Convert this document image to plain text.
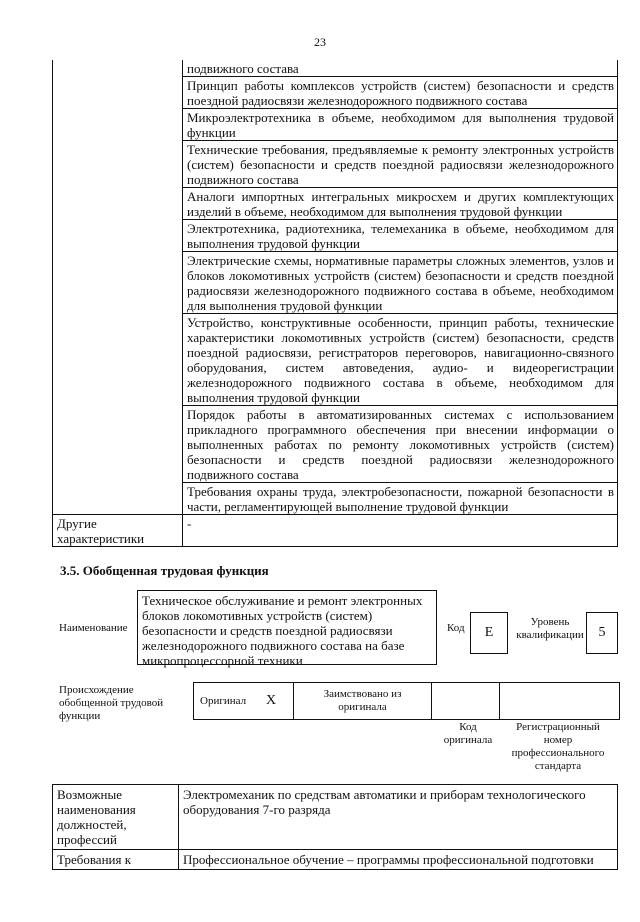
23
	подвижного состава
	Принцип работы комплексов устройств (систем) безопасности и средств поездной радиосвязи железнодорожного подвижного состава
	Микроэлектротехника в объеме, необходимом для выполнения трудовой функции
	Технические требования, предъявляемые к ремонту электронных устройств (систем) безопасности и средств поездной радиосвязи железнодорожного подвижного состава
	Аналоги импортных интегральных микросхем и других комплектующих изделий в объеме, необходимом для выполнения трудовой функции
	Электротехника, радиотехника, телемеханика в объеме, необходимом для выполнения трудовой функции
	Электрические схемы, нормативные параметры сложных элементов, узлов и блоков локомотивных устройств (систем) безопасности и средств поездной радиосвязи железнодорожного подвижного состава в объеме, необходимом для выполнения трудовой функции
	Устройство, конструктивные особенности, принцип работы, технические характеристики локомотивных устройств (систем) безопасности, средств поездной радиосвязи, регистраторов переговоров, навигационно-связного оборудования, систем автоведения, аудио- и видеорегистрации железнодорожного подвижного состава в объеме, необходимом для выполнения трудовой функции
	Порядок работы в автоматизированных системах с использованием прикладного программного обеспечения при внесении информации о выполненных работах по ремонту локомотивных устройств (систем) безопасности и средств поездной радиосвязи железнодорожного подвижного состава
	Требования охраны труда, электробезопасности, пожарной безопасности в части, регламентирующей выполнение трудовой функции
Другие характеристики	-
3.5. Обобщенная трудовая функция
Наименование
Техническое обслуживание и ремонт электронных блоков локомотивных устройств (систем) безопасности и средств поездной радиосвязи железнодорожного подвижного состава на базе микропроцессорной техники
Код	E
Уровень квалификации	5
Происхождение обобщенной трудовой функции
Оригинал X	Заимствовано из оригинала
Код оригинала
Регистрационный номер профессионального стандарта
Возможные наименования должностей, профессий	Электромеханик по средствам автоматики и приборам технологического оборудования 7-го разряда
Требования к	Профессиональное обучение – программы профессиональной подготовки
